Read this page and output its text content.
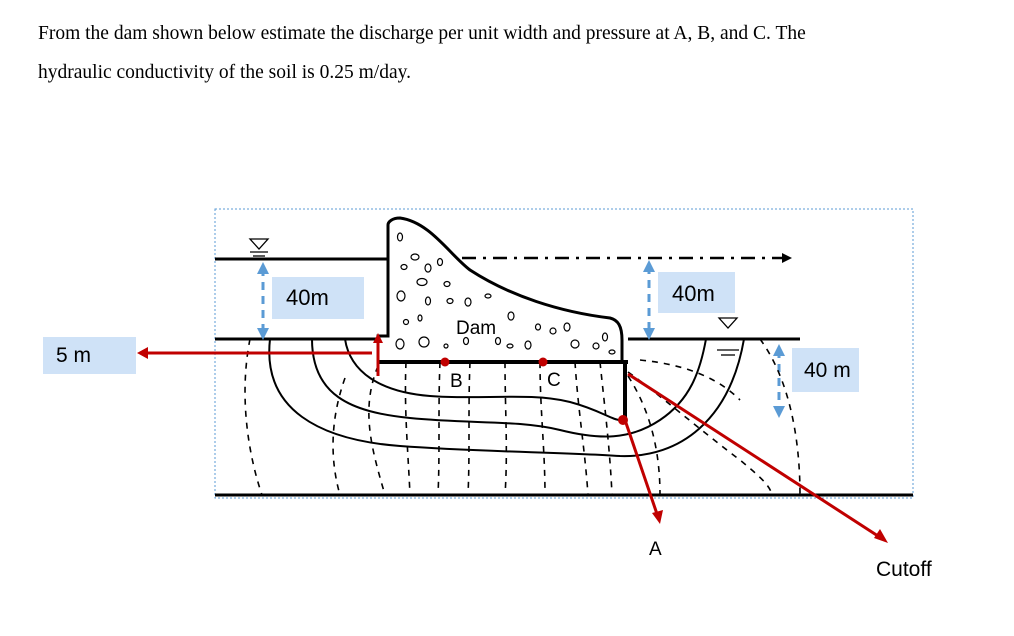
From the dam shown below estimate the discharge per unit width and pressure at A, B, and C. The

hydraulic conductivity of the soil is 0.25 m/day.

5 m
40m	40m
40 m
Dam
B	C
A
Cutoff
